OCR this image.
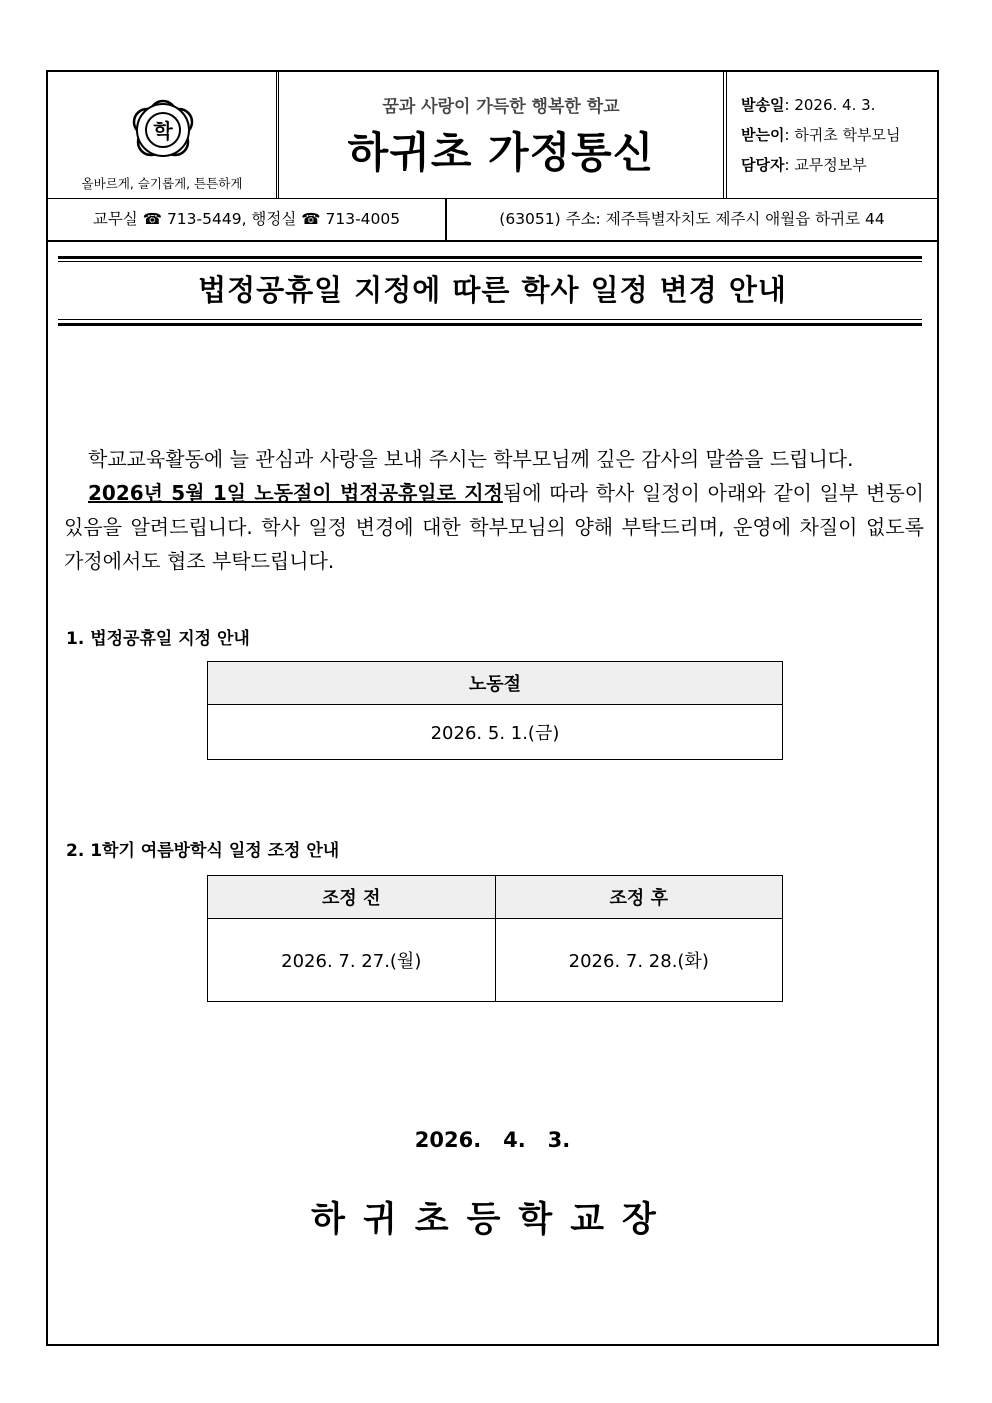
학
올바르게, 슬기롭게, 튼튼하게
꿈과 사랑이 가득한 행복한 학교
하귀초 가정통신
발송일: 2026. 4. 3.
받는이: 하귀초 학부모님
담당자: 교무정보부
교무실 ☎ 713-5449, 행정실 ☎ 713-4005	(63051) 주소: 제주특별자치도 제주시 애월읍 하귀로 44
법정공휴일 지정에 따른 학사 일정 변경 안내
학교교육활동에 늘 관심과 사랑을 보내 주시는 학부모님께 깊은 감사의 말씀을 드립니다.
2026년 5월 1일 노동절이 법정공휴일로 지정됨에 따라 학사 일정이 아래와 같이 일부 변동이 있음을 알려드립니다. 학사 일정 변경에 대한 학부모님의 양해 부탁드리며, 운영에 차질이 없도록 가정에서도 협조 부탁드립니다.
1. 법정공휴일 지정 안내
노동절
2026. 5. 1.(금)
2. 1학기 여름방학식 일정 조정 안내
조정 전	조정 후
2026. 7. 27.(월)	2026. 7. 28.(화)
2026.   4.   3.
하귀초등학교장
